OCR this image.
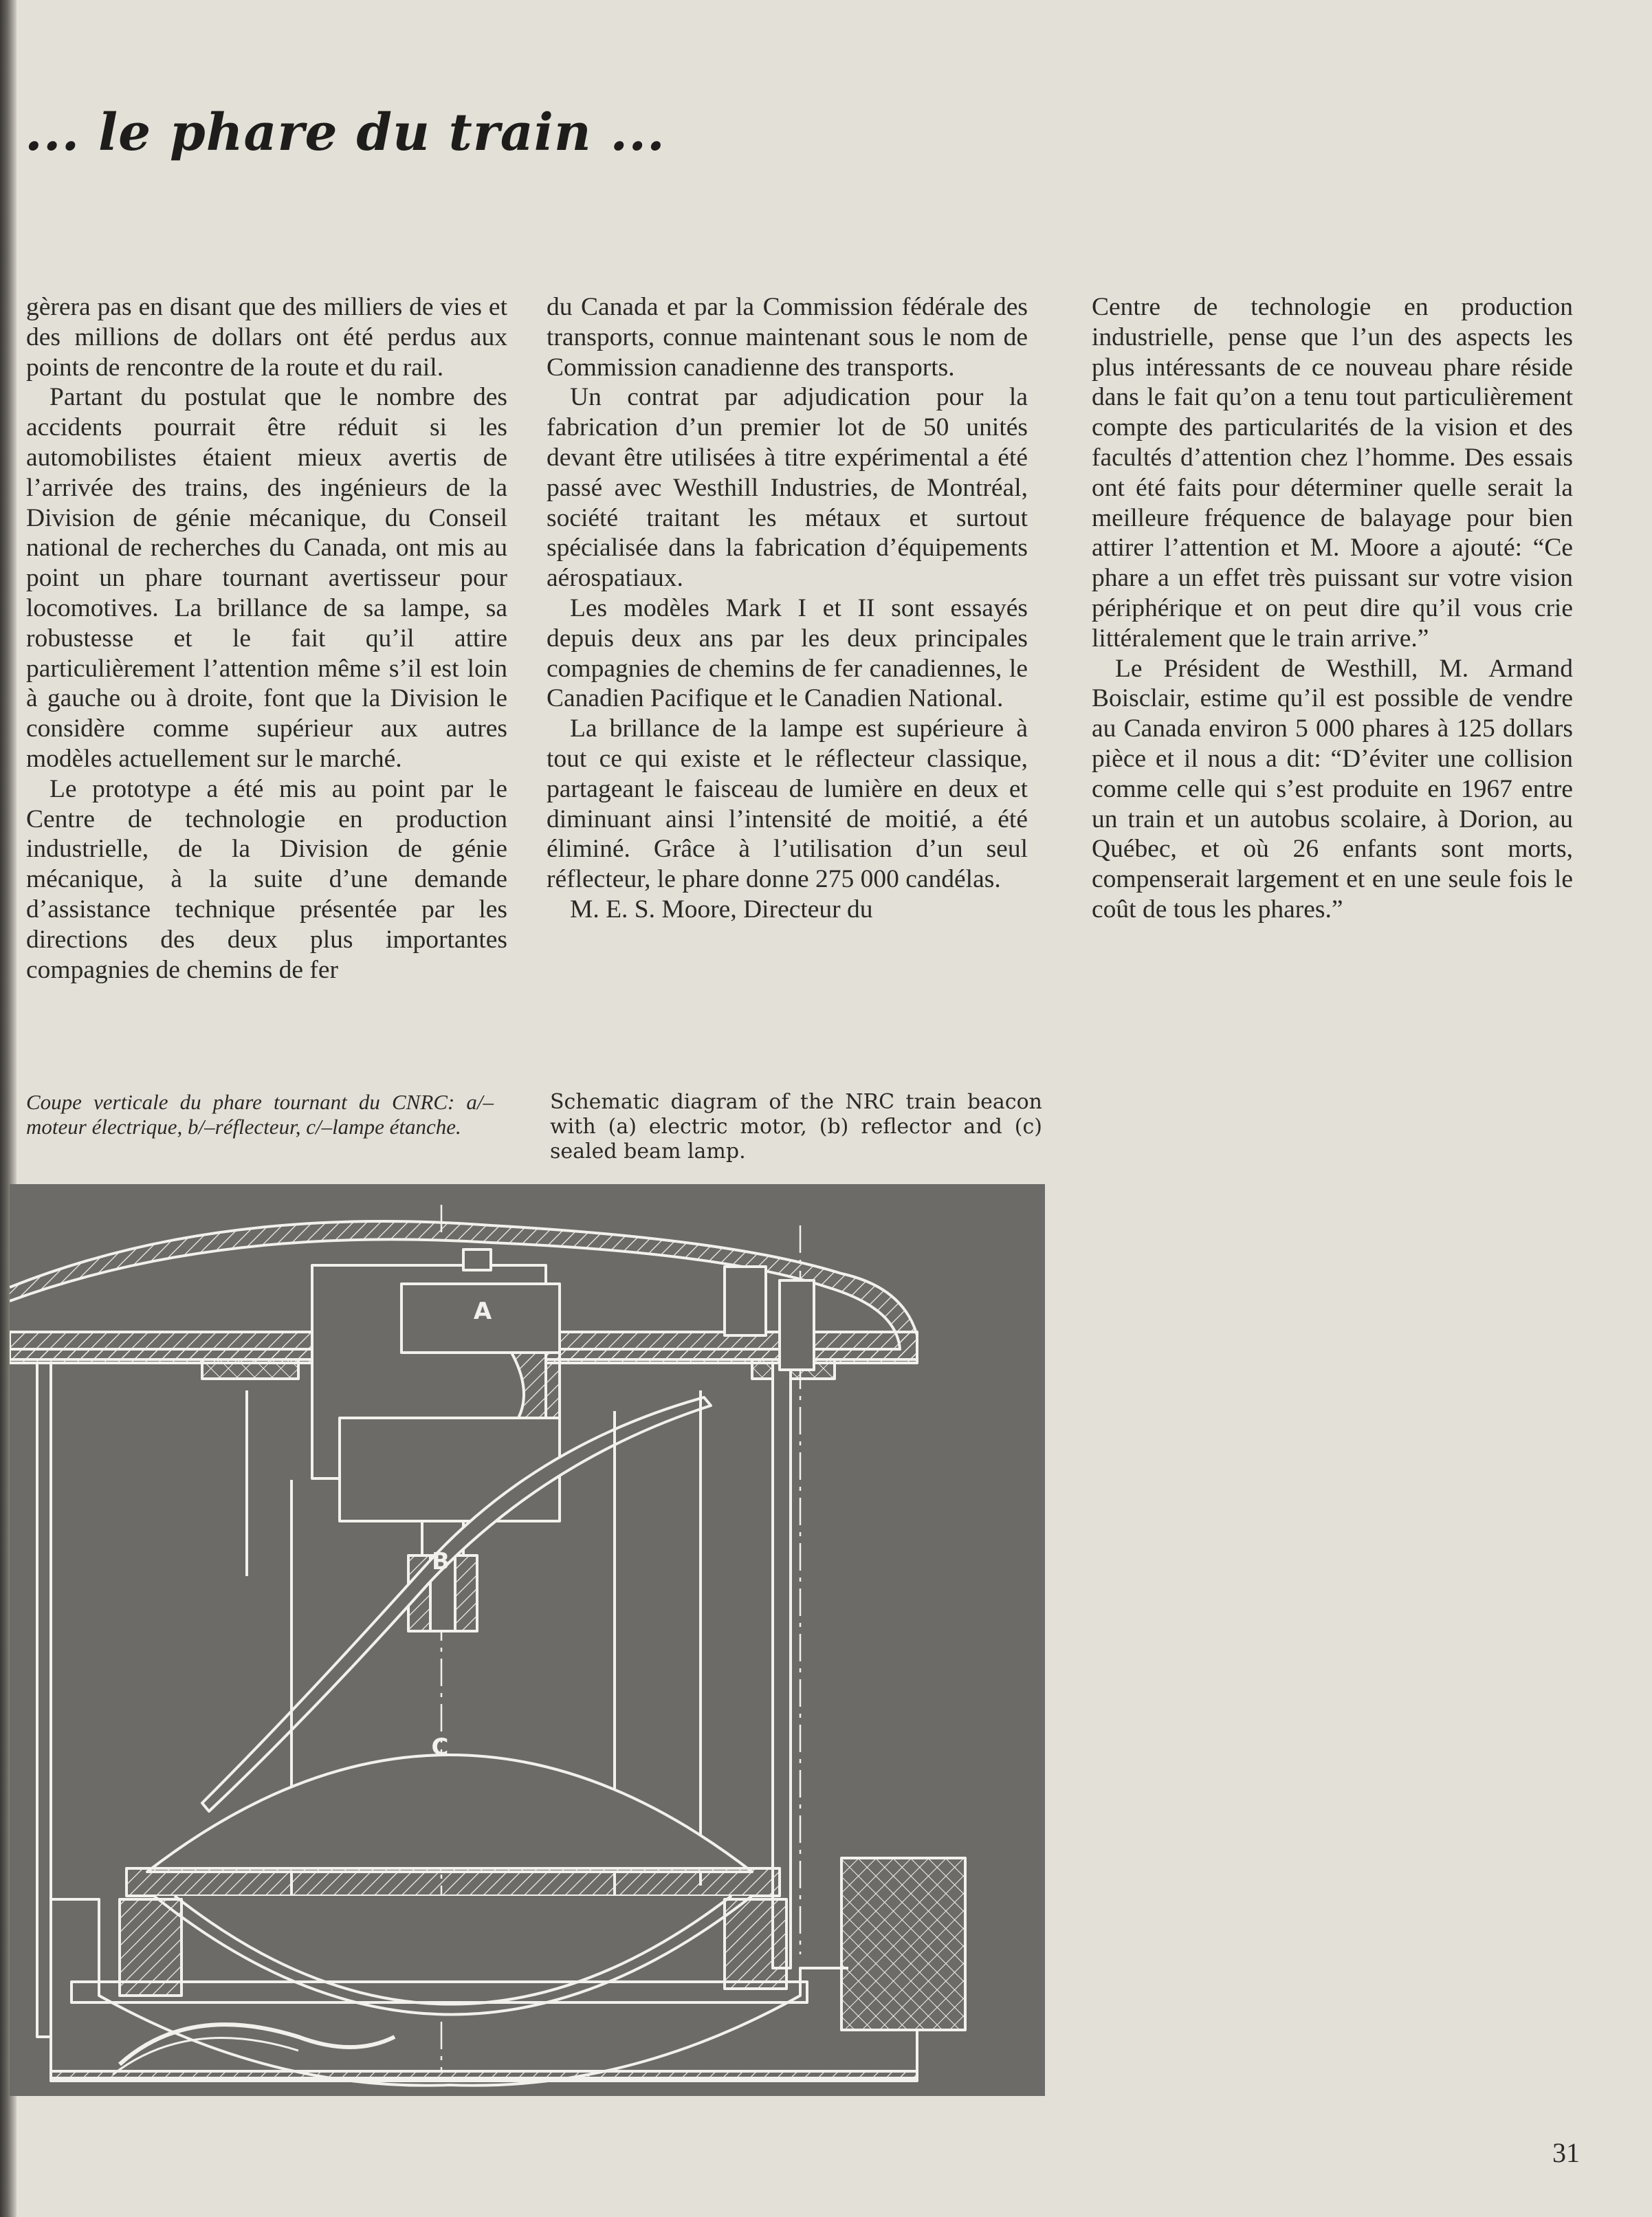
... le phare du train ...

gèrera pas en disant que des milliers de vies et des millions de dollars ont été perdus aux points de rencontre de la route et du rail.

Partant du postulat que le nombre des accidents pourrait être réduit si les automobilistes étaient mieux avertis de l’arrivée des trains, des ingénieurs de la Division de génie mécanique, du Conseil national de recherches du Canada, ont mis au point un phare tournant avertisseur pour locomotives. La brillance de sa lampe, sa robustesse et le fait qu’il attire particulièrement l’attention même s’il est loin à gauche ou à droite, font que la Division le considère comme supérieur aux autres modèles actuellement sur le marché.

Le prototype a été mis au point par le Centre de technologie en production industrielle, de la Division de génie mécanique, à la suite d’une demande d’assistance technique présentée par les directions des deux plus importantes compagnies de chemins de fer

du Canada et par la Commission fédérale des transports, connue maintenant sous le nom de Commission canadienne des transports.

Un contrat par adjudication pour la fabrication d’un premier lot de 50 unités devant être utilisées à titre expérimental a été passé avec Westhill Industries, de Montréal, société traitant les métaux et surtout spécialisée dans la fabrication d’équipements aérospatiaux.

Les modèles Mark I et II sont essayés depuis deux ans par les deux principales compagnies de chemins de fer canadiennes, le Canadien Pacifique et le Canadien National.

La brillance de la lampe est supérieure à tout ce qui existe et le réflecteur classique, partageant le faisceau de lumière en deux et diminuant ainsi l’intensité de moitié, a été éliminé. Grâce à l’utilisation d’un seul réflecteur, le phare donne 275 000 candélas.

M. E. S. Moore, Directeur du

Centre de technologie en production industrielle, pense que l’un des aspects les plus intéressants de ce nouveau phare réside dans le fait qu’on a tenu tout particulièrement compte des particularités de la vision et des facultés d’attention chez l’homme. Des essais ont été faits pour déterminer quelle serait la meilleure fréquence de balayage pour bien attirer l’attention et M. Moore a ajouté: “Ce phare a un effet très puissant sur votre vision périphérique et on peut dire qu’il vous crie littéralement que le train arrive.”

Le Président de Westhill, M. Armand Boisclair, estime qu’il est possible de vendre au Canada environ 5 000 phares à 125 dollars pièce et il nous a dit: “D’éviter une collision comme celle qui s’est produite en 1967 entre un train et un autobus scolaire, à Dorion, au Québec, et où 26 enfants sont morts, compenserait largement et en une seule fois le coût de tous les phares.”

Coupe verticale du phare tournant du CNRC: a/–moteur électrique, b/–réflecteur, c/–lampe étanche.

Schematic diagram of the NRC train beacon with (a) electric motor, (b) reflector and (c) sealed beam lamp.

A
B
C

31
